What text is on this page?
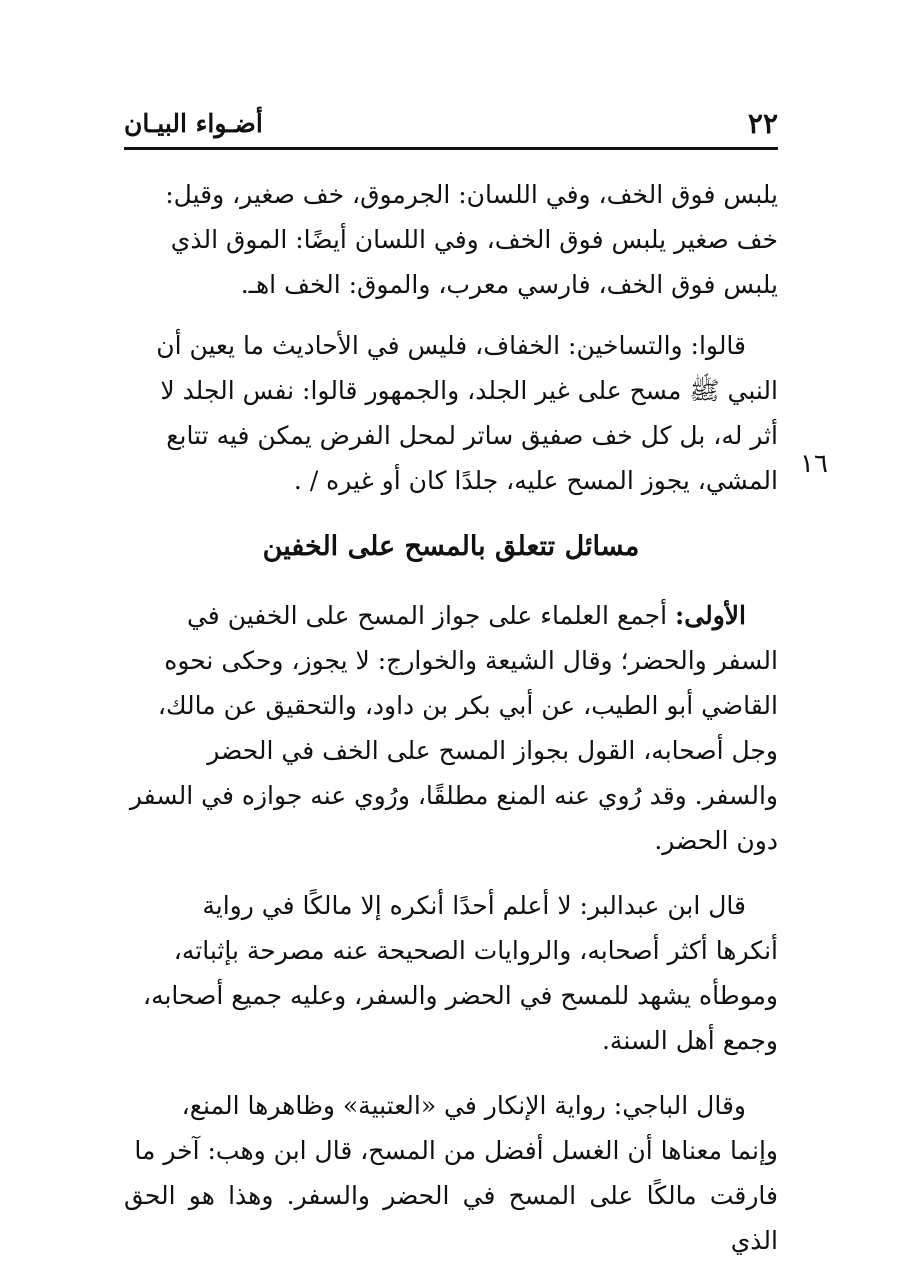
٢٢
أضـواء البيـان
١٦

يلبس فوق الخف، وفي اللسان: الجرموق، خف صغير، وقيل:
خف صغير يلبس فوق الخف، وفي اللسان أيضًا: الموق الذي
يلبس فوق الخف، فارسي معرب، والموق: الخف اهـ.

قالوا: والتساخين: الخفاف، فليس في الأحاديث ما يعين أن
النبي ﷺ مسح على غير الجلد، والجمهور قالوا: نفس الجلد لا
أثر له، بل كل خف صفيق ساتر لمحل الفرض يمكن فيه تتابع
المشي، يجوز المسح عليه، جلدًا كان أو غيره / .

مسائل تتعلق بالمسح على الخفين

الأولى: أجمع العلماء على جواز المسح على الخفين في
السفر والحضر؛ وقال الشيعة والخوارج: لا يجوز، وحكى نحوه
القاضي أبو الطيب، عن أبي بكر بن داود، والتحقيق عن مالك،
وجل أصحابه، القول بجواز المسح على الخف في الحضر
والسفر. وقد رُوي عنه المنع مطلقًا، ورُوي عنه جوازه في السفر
دون الحضر.

قال ابن عبدالبر: لا أعلم أحدًا أنكره إلا مالكًا في رواية
أنكرها أكثر أصحابه، والروايات الصحيحة عنه مصرحة بإثباته،
وموطأه يشهد للمسح في الحضر والسفر، وعليه جميع أصحابه،
وجمع أهل السنة.

وقال الباجي: رواية الإنكار في «العتبية» وظاهرها المنع،
وإنما معناها أن الغسل أفضل من المسح، قال ابن وهب: آخر ما
فارقت مالكًا على المسح في الحضر والسفر. وهذا هو الحق الذي
